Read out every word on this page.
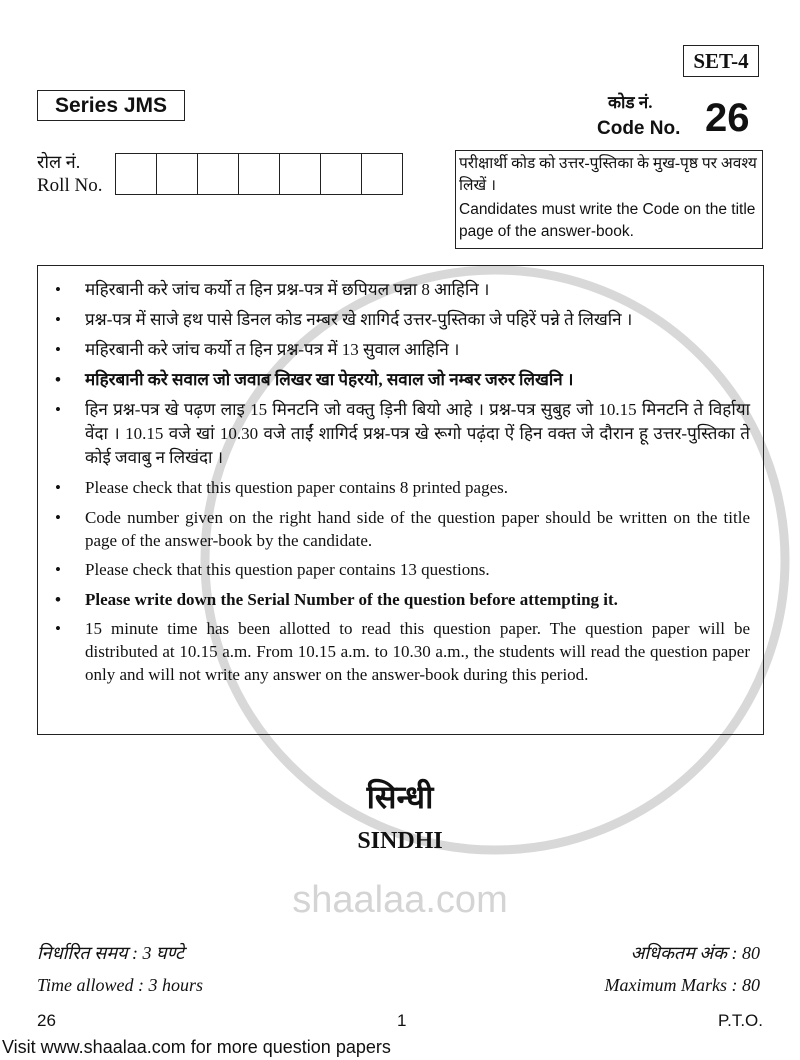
shaalaa.com
SET-4
Series JMS	कोड नं.
Code No. 26
रोल नं.
Roll No.
परीक्षार्थी कोड को उत्तर-पुस्तिका के मुख-पृष्ठ पर अवश्य लिखें ।
Candidates must write the Code on the title page of the answer-book.
• महिरबानी करे जांच कर्यो त हिन प्रश्न-पत्र में छपियल पन्ना 8 आहिनि ।
• प्रश्न-पत्र में साजे हथ पासे डिनल कोड नम्बर खे शागिर्द उत्तर-पुस्तिका जे पहिरें पन्ने ते लिखनि ।
• महिरबानी करे जांच कर्यो त हिन प्रश्न-पत्र में 13 सुवाल आहिनि ।
• महिरबानी करे सवाल जो जवाब लिखर खा पेहरयो, सवाल जो नम्बर जरुर लिखनि ।
• हिन प्रश्न-पत्र खे पढ़ण लाइ 15 मिनटनि जो वक्तु ड़िनी बियो आहे । प्रश्न-पत्र सुबुह जो 10.15 मिनटनि ते विर्हाया वेंदा । 10.15 वजे खां 10.30 वजे ताईं शागिर्द प्रश्न-पत्र खे रूगो पढ़ंदा ऐं हिन वक्त जे दौरान हू उत्तर-पुस्तिका ते कोई जवाबु न लिखंदा ।
• Please check that this question paper contains 8 printed pages.
• Code number given on the right hand side of the question paper should be written on the title page of the answer-book by the candidate.
• Please check that this question paper contains 13 questions.
• Please write down the Serial Number of the question before attempting it.
• 15 minute time has been allotted to read this question paper. The question paper will be distributed at 10.15 a.m. From 10.15 a.m. to 10.30 a.m., the students will read the question paper only and will not write any answer on the answer-book during this period.
सिन्धी
SINDHI
निर्धारित समय : 3 घण्टे
Time allowed : 3 hours
अधिकतम अंक : 80
Maximum Marks : 80
26	1	P.T.O.
Visit www.shaalaa.com for more question papers
